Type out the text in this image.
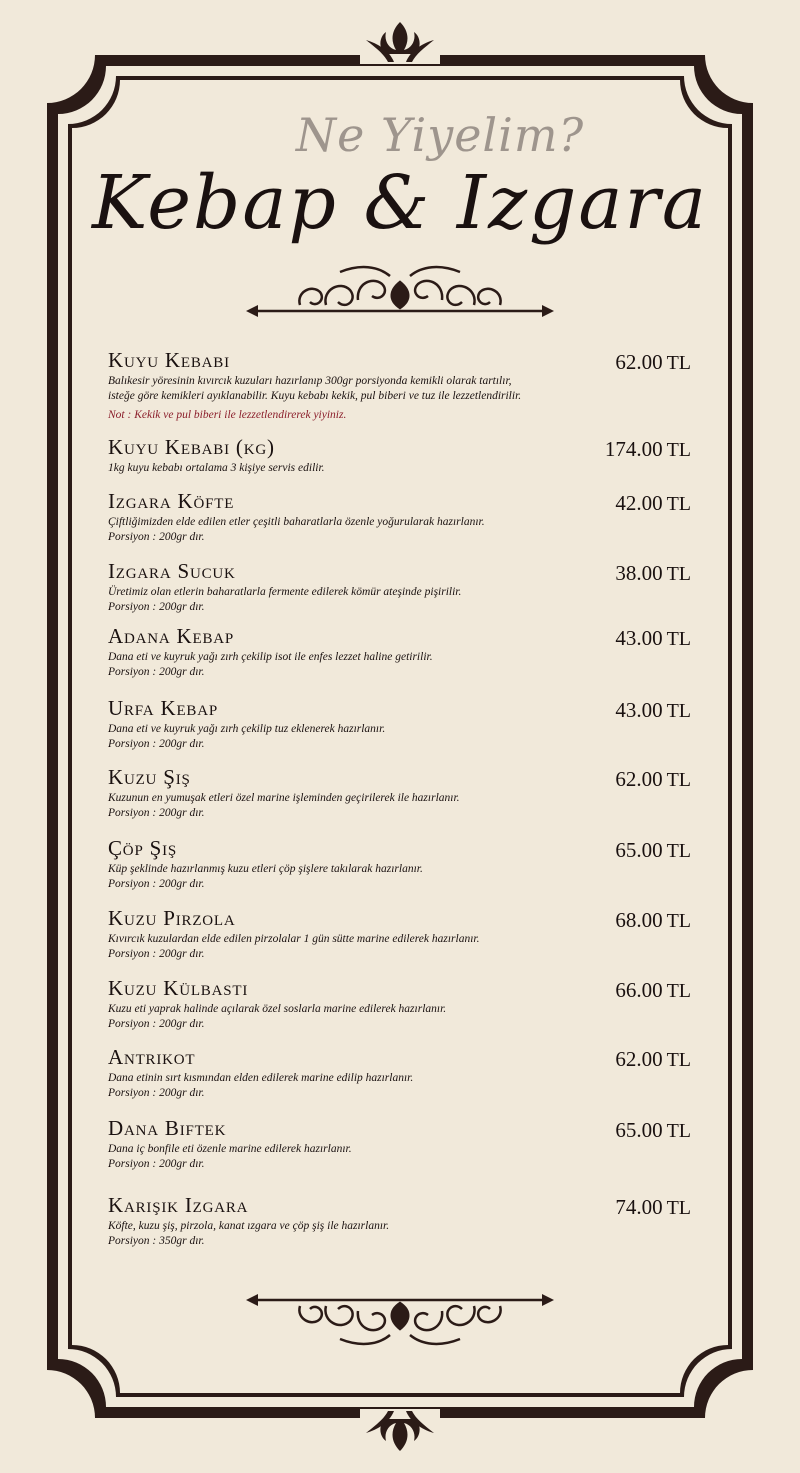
Ne Yiyelim?
Kebap & Izgara
Kuyu Kebabı	62.00 TL
Balıkesir yöresinin kıvırcık kuzuları hazırlanıp 300gr porsiyonda kemikli olarak tartılır,
isteğe göre kemikleri ayıklanabilir. Kuyu kebabı kekik, pul biberi ve tuz ile lezzetlendirilir.
Not : Kekik ve pul biberi ile lezzetlendirerek yiyiniz.
Kuyu Kebabı (kg)	174.00 TL
1kg kuyu kebabı ortalama 3 kişiye servis edilir.
Izgara Köfte	42.00 TL
Çiftliğimizden elde edilen etler çeşitli baharatlarla özenle yoğurularak hazırlanır.
Porsiyon : 200gr dır.
Izgara Sucuk	38.00 TL
Üretimiz olan etlerin baharatlarla fermente edilerek kömür ateşinde pişirilir.
Porsiyon : 200gr dır.
Adana Kebap	43.00 TL
Dana eti ve kuyruk yağı zırh çekilip isot ile enfes lezzet haline getirilir.
Porsiyon : 200gr dır.
Urfa Kebap	43.00 TL
Dana eti ve kuyruk yağı zırh çekilip tuz eklenerek hazırlanır.
Porsiyon : 200gr dır.
Kuzu Şiş	62.00 TL
Kuzunun en yumuşak etleri özel marine işleminden geçirilerek ile hazırlanır.
Porsiyon : 200gr dır.
Çöp Şiş	65.00 TL
Küp şeklinde hazırlanmış kuzu etleri çöp şişlere takılarak hazırlanır.
Porsiyon : 200gr dır.
Kuzu Pirzola	68.00 TL
Kıvırcık kuzulardan elde edilen pirzolalar 1 gün sütte marine edilerek hazırlanır.
Porsiyon : 200gr dır.
Kuzu Külbastı	66.00 TL
Kuzu eti yaprak halinde açılarak özel soslarla marine edilerek hazırlanır.
Porsiyon : 200gr dır.
Antrikot	62.00 TL
Dana etinin sırt kısmından elden edilerek marine edilip hazırlanır.
Porsiyon : 200gr dır.
Dana Biftek	65.00 TL
Dana iç bonfile eti özenle marine edilerek hazırlanır.
Porsiyon : 200gr dır.
Karışık Izgara	74.00 TL
Köfte, kuzu şiş, pirzola, kanat ızgara ve çöp şiş ile hazırlanır.
Porsiyon : 350gr dır.
